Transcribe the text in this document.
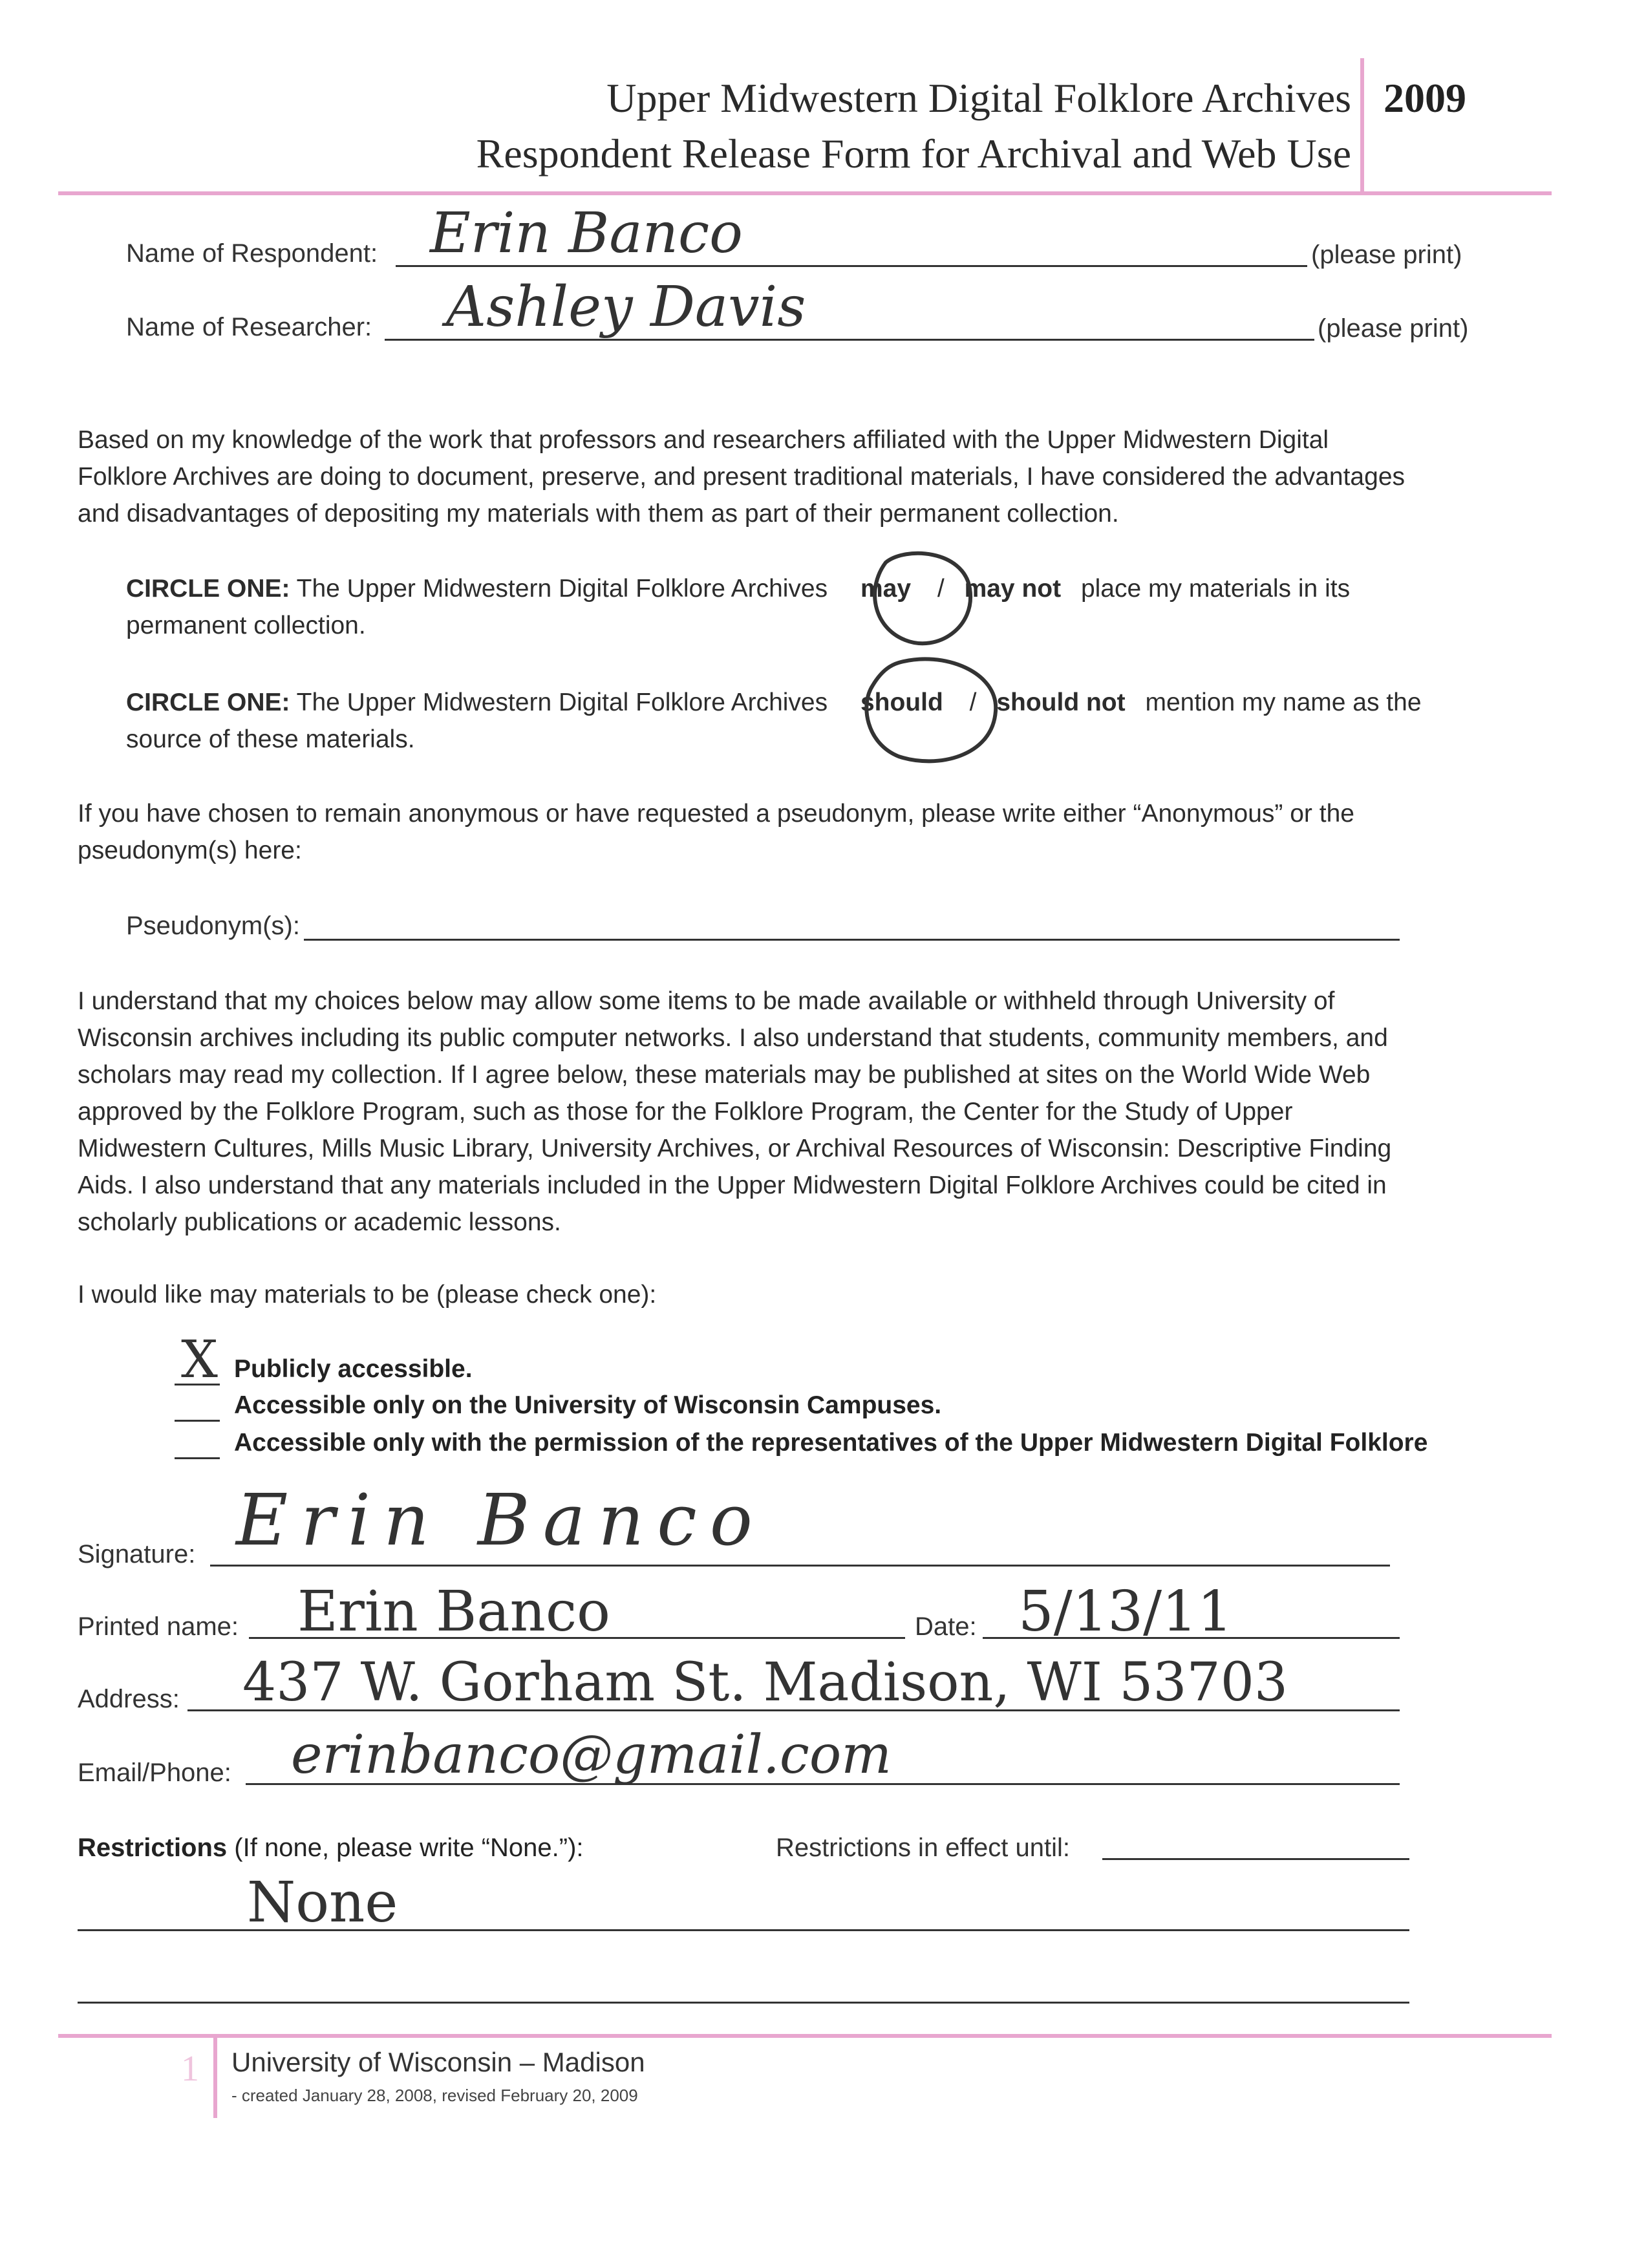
Upper Midwestern Digital Folklore Archives
Respondent Release Form for Archival and Web Use
2009
Name of Respondent: Erin Banco	(please print)
Name of Researcher: Ashley Davis	(please print)
Based on my knowledge of the work that professors and researchers affiliated with the Upper Midwestern Digital
Folklore Archives are doing to document, preserve, and present traditional materials, I have considered the advantages
and disadvantages of depositing my materials with them as part of their permanent collection.
CIRCLE ONE: The Upper Midwestern Digital Folklore Archives may / may not place my materials in its
permanent collection.
CIRCLE ONE: The Upper Midwestern Digital Folklore Archives should / should not mention my name as the
source of these materials.
If you have chosen to remain anonymous or have requested a pseudonym, please write either “Anonymous” or the
pseudonym(s) here:
Pseudonym(s):
I understand that my choices below may allow some items to be made available or withheld through University of
Wisconsin archives including its public computer networks. I also understand that students, community members, and
scholars may read my collection. If I agree below, these materials may be published at sites on the World Wide Web
approved by the Folklore Program, such as those for the Folklore Program, the Center for the Study of Upper
Midwestern Cultures, Mills Music Library, University Archives, or Archival Resources of Wisconsin: Descriptive Finding
Aids. I also understand that any materials included in the Upper Midwestern Digital Folklore Archives could be cited in
scholarly publications or academic lessons.
I would like may materials to be (please check one):
X Publicly accessible.
Accessible only on the University of Wisconsin Campuses.
Accessible only with the permission of the representatives of the Upper Midwestern Digital Folklore
Signature: Erin Banco
Printed name: Erin Banco	Date: 5/13/11
Address: 437 W. Gorham St. Madison, WI 53703
Email/Phone: erinbanco@gmail.com
Restrictions (If none, please write “None.”):	Restrictions in effect until:
None
1 University of Wisconsin – Madison
- created January 28, 2008, revised February 20, 2009
